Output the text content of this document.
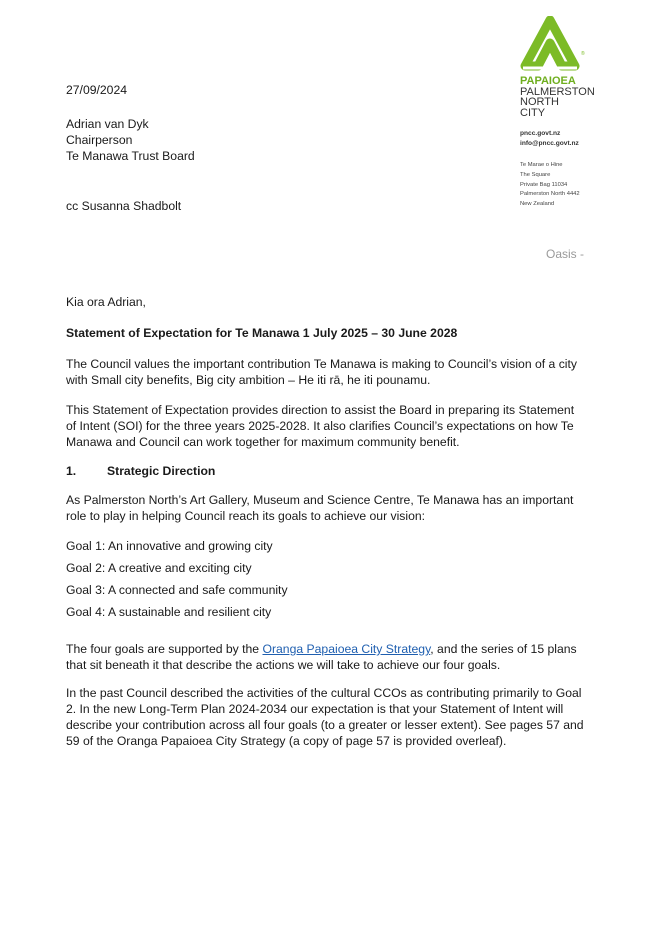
®
PAPAIOEA
PALMERSTON
NORTH
CITY
pncc.govt.nz
info@pncc.govt.nz
Te Marae o Hine
The Square
Private Bag 11034
Palmerston North 4442
New Zealand
27/09/2024
Adrian van Dyk
Chairperson
Te Manawa Trust Board
cc Susanna Shadbolt
Oasis -
Kia ora Adrian,
Statement of Expectation for Te Manawa 1 July 2025 – 30 June 2028
The Council values the important contribution Te Manawa is making to Council’s vision of a city with Small city benefits, Big city ambition – He iti rā, he iti pounamu.
This Statement of Expectation provides direction to assist the Board in preparing its Statement of Intent (SOI) for the three years 2025-2028. It also clarifies Council’s expectations on how Te Manawa and Council can work together for maximum community benefit.
1.	Strategic Direction
As Palmerston North’s Art Gallery, Museum and Science Centre, Te Manawa has an important role to play in helping Council reach its goals to achieve our vision:
Goal 1: An innovative and growing city
Goal 2: A creative and exciting city
Goal 3: A connected and safe community
Goal 4: A sustainable and resilient city
The four goals are supported by the Oranga Papaioea City Strategy, and the series of 15 plans that sit beneath it that describe the actions we will take to achieve our four goals.
In the past Council described the activities of the cultural CCOs as contributing primarily to Goal 2. In the new Long-Term Plan 2024-2034 our expectation is that your Statement of Intent will describe your contribution across all four goals (to a greater or lesser extent). See pages 57 and 59 of the Oranga Papaioea City Strategy (a copy of page 57 is provided overleaf).
